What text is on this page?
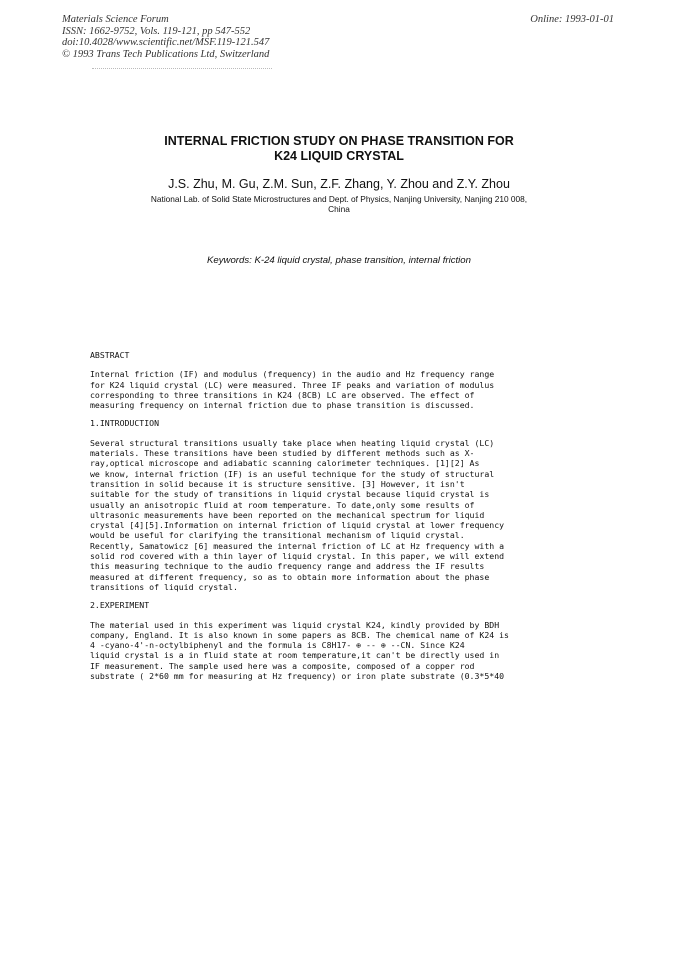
Materials Science Forum
ISSN: 1662-9752, Vols. 119-121, pp 547-552
doi:10.4028/www.scientific.net/MSF.119-121.547
© 1993 Trans Tech Publications Ltd, Switzerland
Online: 1993-01-01
INTERNAL FRICTION STUDY ON PHASE TRANSITION FOR
K24 LIQUID CRYSTAL
J.S. Zhu, M. Gu, Z.M. Sun, Z.F. Zhang, Y. Zhou and Z.Y. Zhou
National Lab. of Solid State Microstructures and Dept. of Physics, Nanjing University, Nanjing 210 008,
China
Keywords: K-24 liquid crystal, phase transition, internal friction
ABSTRACT
Internal friction (IF) and modulus (frequency) in the audio and Hz frequency range
for K24 liquid crystal (LC) were measured. Three IF peaks and variation of modulus
corresponding to three transitions in K24 (8CB) LC are observed. The effect of
measuring frequency on internal friction due to phase transition is discussed.
1.INTRODUCTION
Several structural transitions usually take place when heating liquid crystal (LC)
materials. These transitions have been studied by different methods such as X-
ray,optical microscope and adiabatic scanning calorimeter techniques. [1][2] As
we know, internal friction (IF) is an useful technique for the study of structural
transition in solid because it is structure sensitive. [3] However, it isn't
suitable for the study of transitions in liquid crystal because liquid crystal is
usually an anisotropic fluid at room temperature. To date,only some results of
ultrasonic measurements have been reported on the mechanical spectrum for liquid
crystal [4][5].Information on internal friction of liquid crystal at lower frequency
would be useful for clarifying the transitional mechanism of liquid crystal.
Recently, Samatowicz [6] measured the internal friction of LC at Hz frequency with a
solid rod covered with a thin layer of liquid crystal. In this paper, we will extend
this measuring technique to the audio frequency range and address the IF results
measured at different frequency, so as to obtain more information about the phase
transitions of liquid crystal.
2.EXPERIMENT
The material used in this experiment was liquid crystal K24, kindly provided by BDH
company, England. It is also known in some papers as 8CB. The chemical name of K24 is
4 -cyano-4'-n-octylbiphenyl and the formula is C8H17- ⊕ -- ⊕ --CN. Since K24
liquid crystal is a in fluid state at room temperature,it can't be directly used in
IF measurement. The sample used here was a composite, composed of a copper rod
substrate ( 2*60 mm for measuring at Hz frequency) or iron plate substrate (0.3*5*40
